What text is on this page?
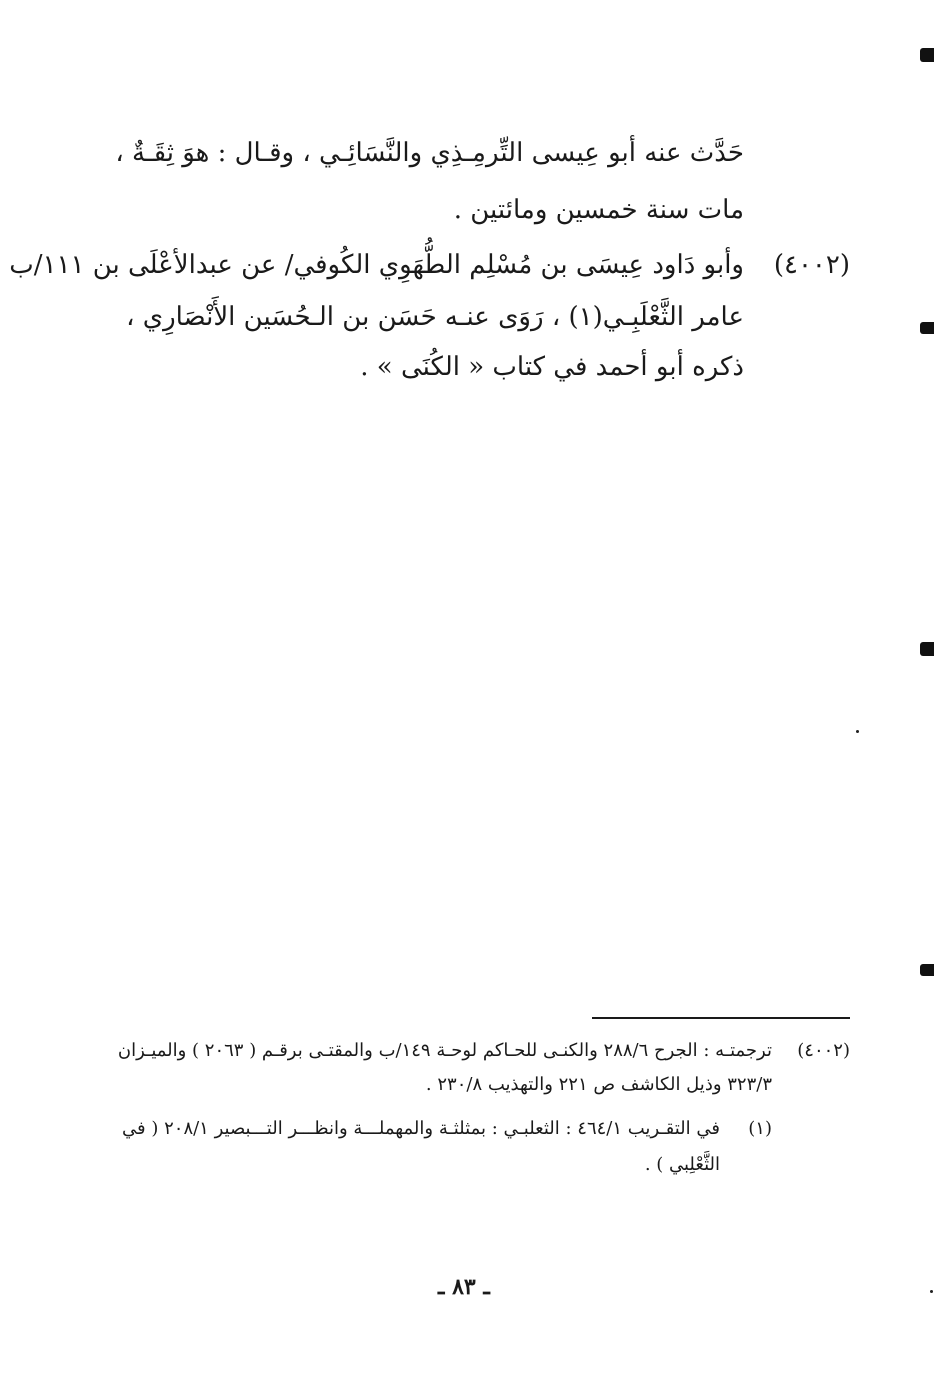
حَدَّث عنه أبو عِيسى التِّرمِـذِي والنَّسَائِـي ، وقـال : هوَ ثِقَـةٌ ،
مات سنة خمسين ومائتين .
(٤٠٠٢)
وأبو دَاود عِيسَى بن مُسْلِم الطُّهَوِي الكُوفي/ عن عبدالأعْلَى بن ١١١/ب
عامر الثَّعْلَبِـي(١) ، رَوَى عنـه حَسَن بن الـحُسَين الأَنْصَارِي ،
ذكره أبو أحمد في كتاب « الكُنَى » .
(٤٠٠٢)
ترجمتـه : الجرح ٢٨٨/٦ والكنـى للحـاكم لوحـة ١٤٩/ب والمقتـى برقـم ( ٢٠٦٣ ) والميـزان
٣٢٣/٣ وذيل الكاشف ص ٢٢١ والتهذيب ٢٣٠/٨ .
(١)
في التقـريب ٤٦٤/١ : الثعلبـي : بمثلثـة والمهملـــة وانظـــر التـــبصير ٢٠٨/١ ( في
الثَّعْلِبي ) .
ـ ٨٣ ـ
